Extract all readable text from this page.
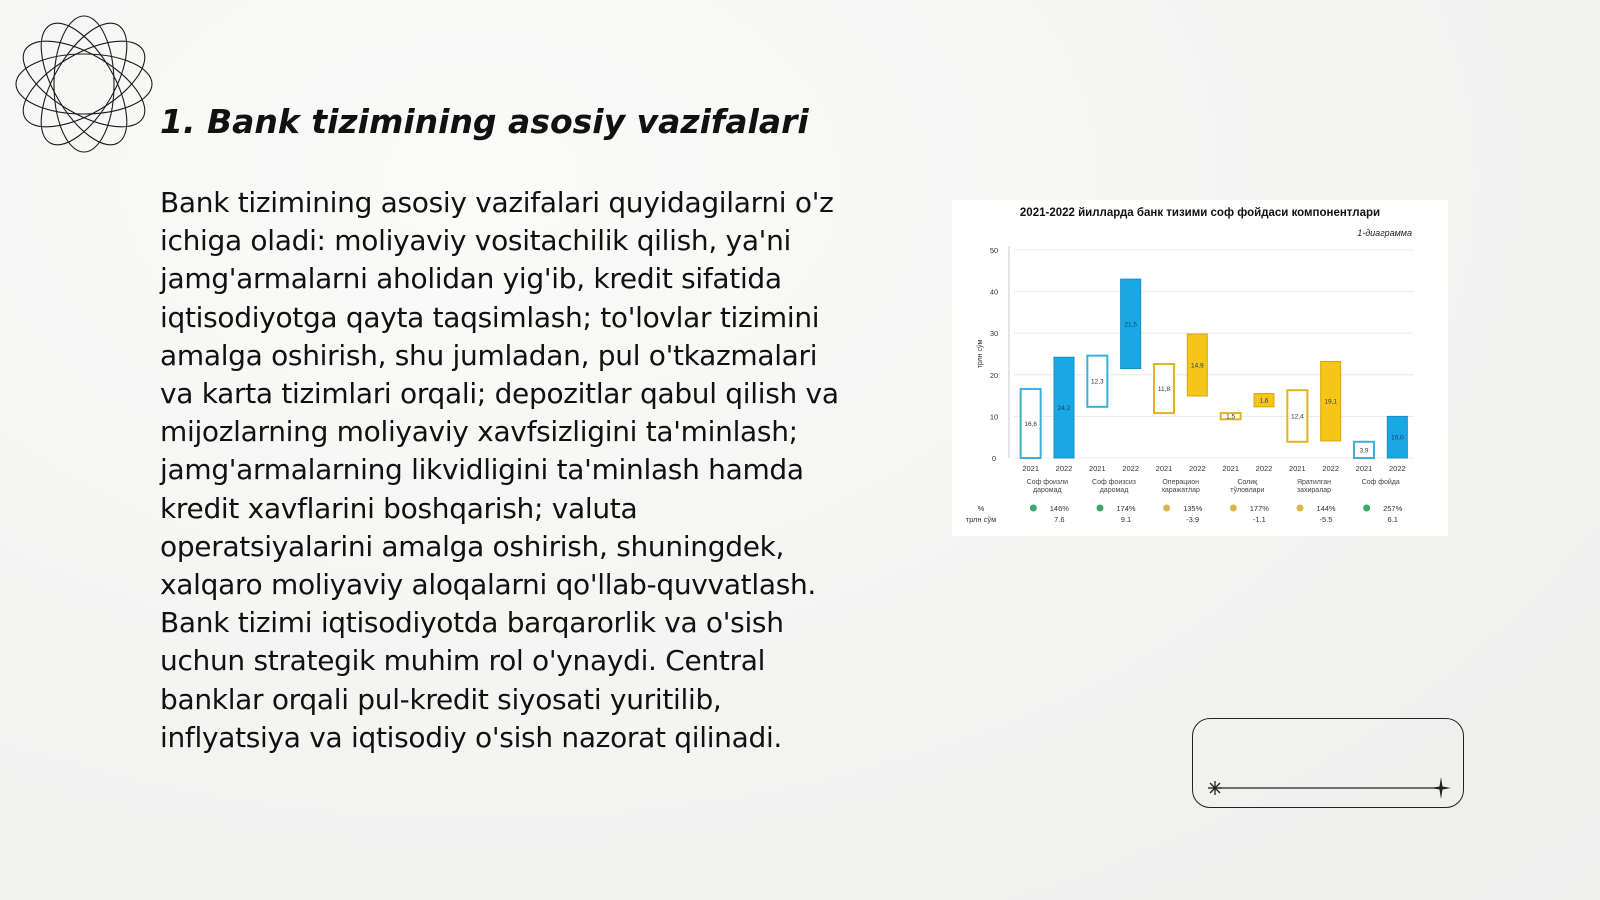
1. Bank tizimining asosiy vazifalari

Bank tizimining asosiy vazifalari quyidagilarni o'z ichiga oladi: moliyaviy vositachilik qilish, ya'ni jamg'armalarni aholidan yig'ib, kredit sifatida iqtisodiyotga qayta taqsimlash; to'lovlar tizimini amalga oshirish, shu jumladan, pul o'tkazmalari va karta tizimlari orqali; depozitlar qabul qilish va mijozlarning moliyaviy xavfsizligini ta'minlash; jamg'armalarning likvidligini ta'minlash hamda kredit xavflarini boshqarish; valuta operatsiyalarini amalga oshirish, shuningdek, xalqaro moliyaviy aloqalarni qo'llab-quvvatlash. Bank tizimi iqtisodiyotda barqarorlik va o'sish uchun strategik muhim rol o'ynaydi. Central banklar orqali pul-kredit siyosati yuritilib, inflyatsiya va iqtisodiy o'sish nazorat qilinadi.

2021-2022 йилларда банк тизими соф фойдаси компонентлари
1-диаграмма
трлн сўм
50
40
30
20
10
0
16,6
2021
24,2
2022
12,3
2021
21,5
2022
11,8
2021
14,9
2022
1,5
2021
1,6
2022
12,4
2021
19,1
2022
3,9
2021
10,0
2022
Соф фоизли
даромад
Соф фоизсиз
даромад
Операцион
харажатлар
Солиқ
тўловлари
Яратилган
захиралар
Соф фойда
%
трлн сўм
146%
7.6
174%
9.1
135%
-3.9
177%
-1.1
144%
-5.5
257%
6.1
